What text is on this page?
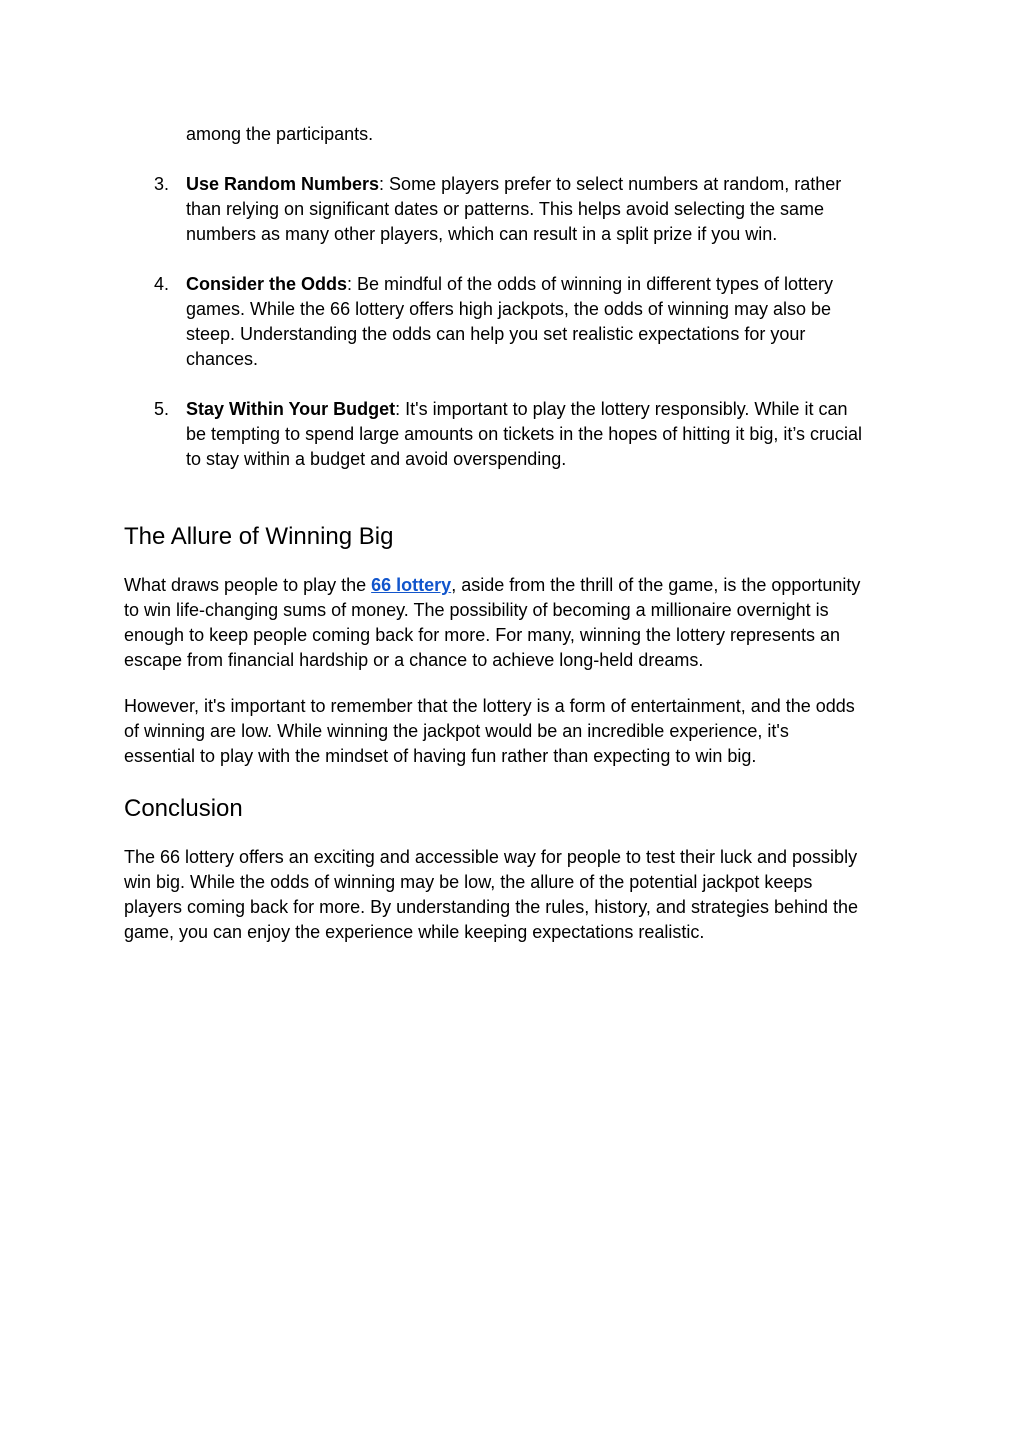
among the participants.
3. Use Random Numbers: Some players prefer to select numbers at random, rather
than relying on significant dates or patterns. This helps avoid selecting the same
numbers as many other players, which can result in a split prize if you win.
4. Consider the Odds: Be mindful of the odds of winning in different types of lottery
games. While the 66 lottery offers high jackpots, the odds of winning may also be
steep. Understanding the odds can help you set realistic expectations for your
chances.
5. Stay Within Your Budget: It's important to play the lottery responsibly. While it can
be tempting to spend large amounts on tickets in the hopes of hitting it big, it’s crucial
to stay within a budget and avoid overspending.
The Allure of Winning Big
What draws people to play the 66 lottery, aside from the thrill of the game, is the opportunity
to win life-changing sums of money. The possibility of becoming a millionaire overnight is
enough to keep people coming back for more. For many, winning the lottery represents an
escape from financial hardship or a chance to achieve long-held dreams.
However, it's important to remember that the lottery is a form of entertainment, and the odds
of winning are low. While winning the jackpot would be an incredible experience, it's
essential to play with the mindset of having fun rather than expecting to win big.
Conclusion
The 66 lottery offers an exciting and accessible way for people to test their luck and possibly
win big. While the odds of winning may be low, the allure of the potential jackpot keeps
players coming back for more. By understanding the rules, history, and strategies behind the
game, you can enjoy the experience while keeping expectations realistic.
